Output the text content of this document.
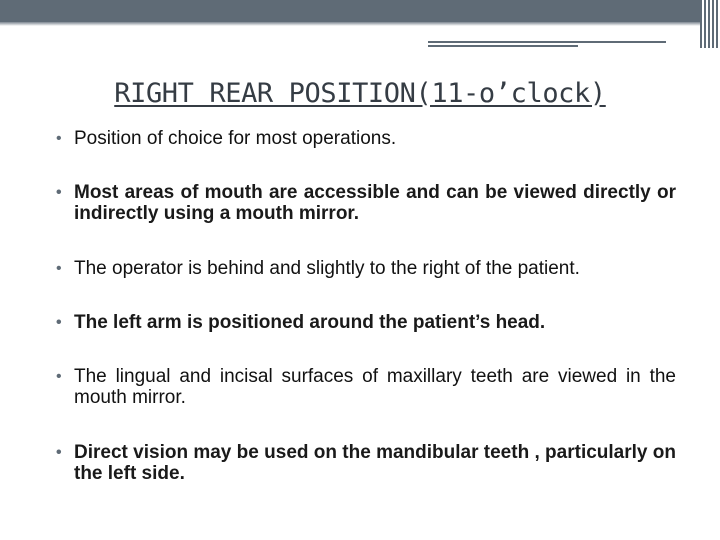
RIGHT REAR POSITION(11-o’clock)
• Position of choice for most operations.
• Most areas of mouth are accessible and can be viewed directly or indirectly using a mouth mirror.
• The operator is behind and slightly to the right of the patient.
• The left arm is positioned around the patient’s head.
• The lingual and incisal surfaces of maxillary teeth are viewed in the mouth mirror.
• Direct vision may be used on the mandibular teeth , particularly on the left side.
